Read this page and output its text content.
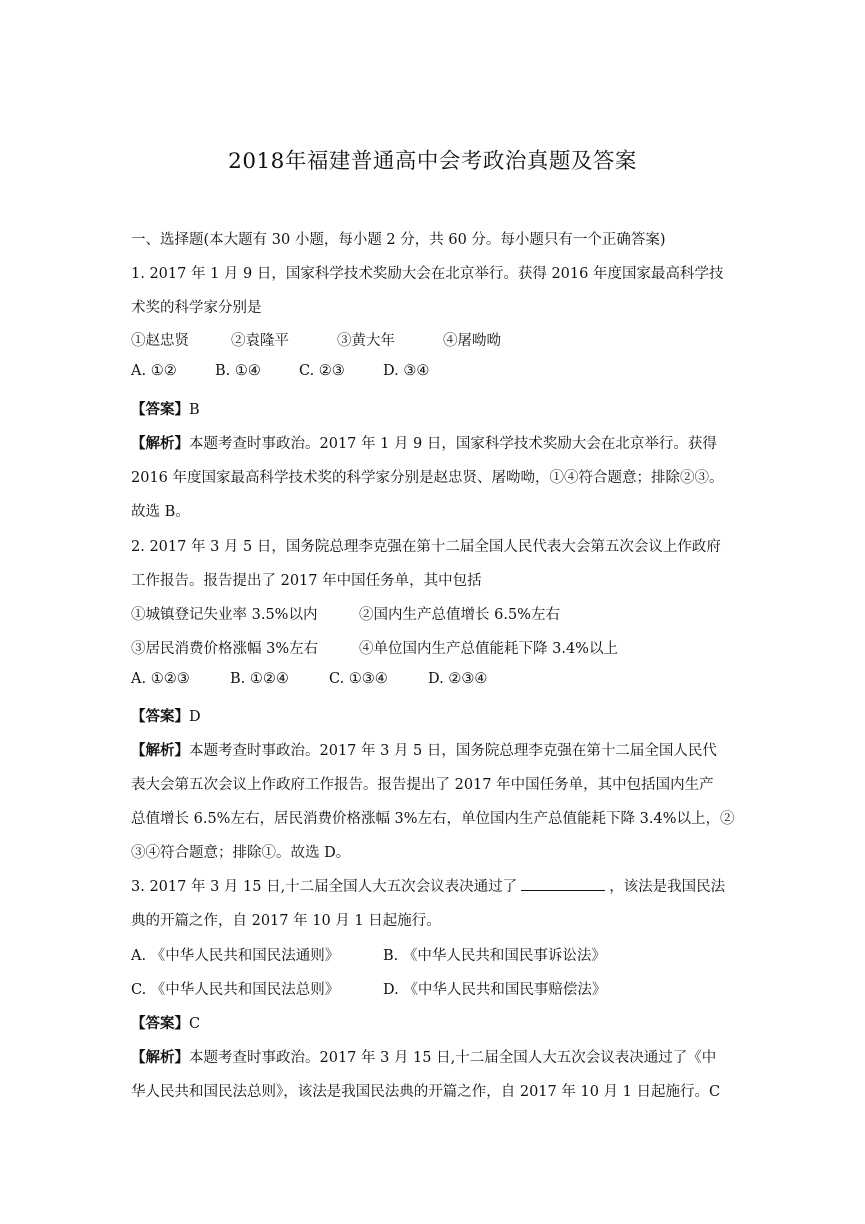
2018年福建普通高中会考政治真题及答案
一、选择题(本大题有 30 小题，每小题 2 分，共 60 分。每小题只有一个正确答案)
1. 2017 年 1 月 9 日，国家科学技术奖励大会在北京举行。获得 2016 年度国家最高科学技
术奖的科学家分别是
①赵忠贤	②袁隆平	③黄大年	④屠呦呦
A. ①②	B. ①④	C. ②③	D. ③④
【答案】B
【解析】本题考查时事政治。2017 年 1 月 9 日，国家科学技术奖励大会在北京举行。获得
2016 年度国家最高科学技术奖的科学家分别是赵忠贤、屠呦呦，①④符合题意；排除②③。
故选 B。
2. 2017 年 3 月 5 日，国务院总理李克强在第十二届全国人民代表大会第五次会议上作政府
工作报告。报告提出了 2017 年中国任务单，其中包括
①城镇登记失业率 3.5%以内	②国内生产总值增长 6.5%左右
③居民消费价格涨幅 3%左右	④单位国内生产总值能耗下降 3.4%以上
A. ①②③	B. ①②④	C. ①③④	D. ②③④
【答案】D
【解析】本题考查时事政治。2017 年 3 月 5 日，国务院总理李克强在第十二届全国人民代
表大会第五次会议上作政府工作报告。报告提出了 2017 年中国任务单，其中包括国内生产
总值增长 6.5%左右，居民消费价格涨幅 3%左右，单位国内生产总值能耗下降 3.4%以上，②
③④符合题意；排除①。故选 D。
3. 2017 年 3 月 15 日,十二届全国人大五次会议表决通过了	，该法是我国民法
典的开篇之作，自 2017 年 10 月 1 日起施行。
A. 《中华人民共和国民法通则》	B. 《中华人民共和国民事诉讼法》
C. 《中华人民共和国民法总则》	D. 《中华人民共和国民事赔偿法》
【答案】C
【解析】本题考查时事政治。2017 年 3 月 15 日,十二届全国人大五次会议表决通过了《中
华人民共和国民法总则》，该法是我国民法典的开篇之作，自 2017 年 10 月 1 日起施行。C
